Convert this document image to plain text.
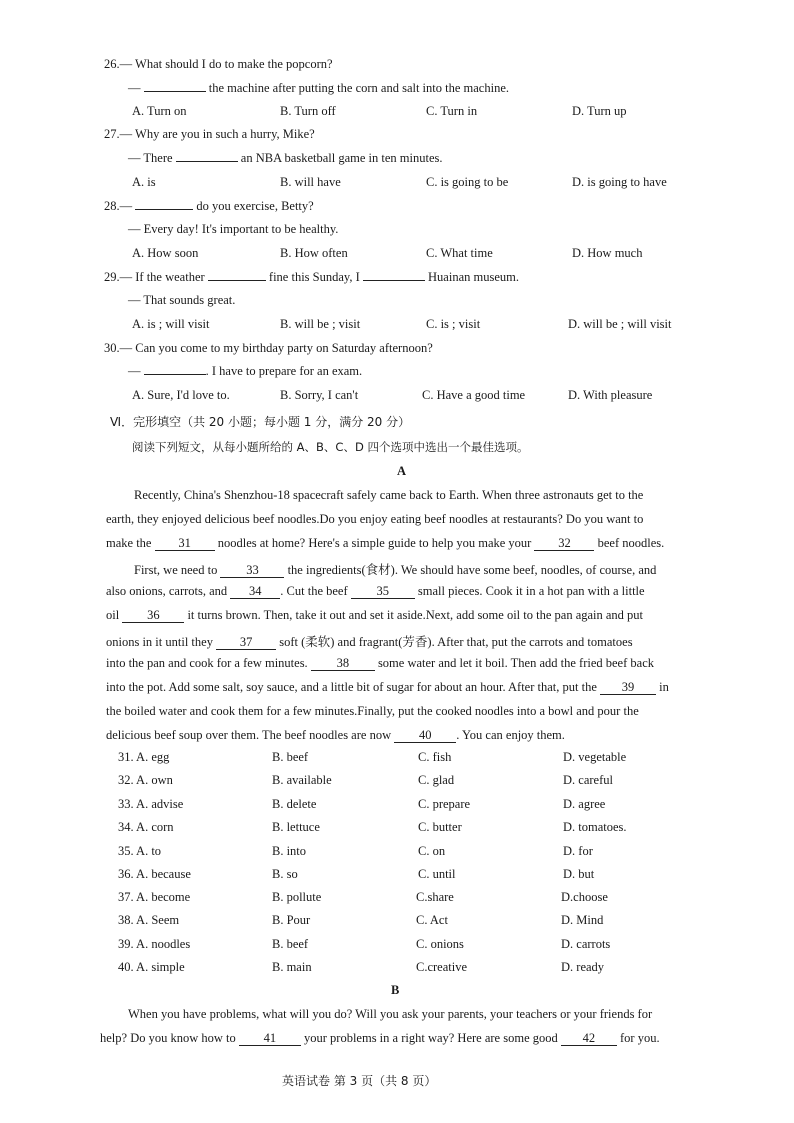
26.— What should I do to make the popcorn?
—	the machine after putting the corn and salt into the machine.
A. Turn on	B. Turn off	C. Turn in	D. Turn up
27.— Why are you in such a hurry, Mike?
— There	an NBA basketball game in ten minutes.
A. is	B. will have	C. is going to be	D. is going to have
28.—	do you exercise, Betty?
— Every day! It's important to be healthy.
A. How soon	B. How often	C. What time	D. How much
29.— If the weather	fine this Sunday, I	Huainan museum.
— That sounds great.
A. is ; will visit	B. will be ; visit	C. is ; visit	D. will be ; will visit
30.— Can you come to my birthday party on Saturday afternoon?
—	. I have to prepare for an exam.
A. Sure, I'd love to.	B. Sorry, I can't	C. Have a good time	D. With pleasure
Ⅵ．完形填空（共 20 小题；每小题 1 分，满分 20 分）
阅读下列短文，从每小题所给的 A、B、C、D 四个选项中选出一个最佳选项。
A
Recently, China's Shenzhou-18 spacecraft safely came back to Earth. When three astronauts get to the
earth, they enjoyed delicious beef noodles.Do you enjoy eating beef noodles at restaurants? Do you want to
make the 31 noodles at home? Here's a simple guide to help you make your 32 beef noodles.
First, we need to 33 the ingredients(食材). We should have some beef, noodles, of course, and
also onions, carrots, and 34 . Cut the beef 35 small pieces. Cook it in a hot pan with a little
oil 36 it turns brown. Then, take it out and set it aside.Next, add some oil to the pan again and put
onions in it until they 37 soft (柔软) and fragrant(芳香). After that, put the carrots and tomatoes
into the pan and cook for a few minutes. 38 some water and let it boil. Then add the fried beef back
into the pot. Add some salt, soy sauce, and a little bit of sugar for about an hour. After that, put the 39 in
the boiled water and cook them for a few minutes.Finally, put the cooked noodles into a bowl and pour the
delicious beef soup over them. The beef noodles are now 40 . You can enjoy them.
31. A. egg	B. beef	C. fish	D. vegetable
32. A. own	B. available	C. glad	D. careful
33. A. advise	B. delete	C. prepare	D. agree
34. A. corn	B. lettuce	C. butter	D. tomatoes.
35. A. to	B. into	C. on	D. for
36. A. because	B. so	C. until	D. but
37. A. become	B. pollute	C.share	D.choose
38. A. Seem	B. Pour	C. Act	D. Mind
39. A. noodles	B. beef	C. onions	D. carrots
40. A. simple	B. main	C.creative	D. ready
B
When you have problems, what will you do? Will you ask your parents, your teachers or your friends for
help? Do you know how to 41 your problems in a right way? Here are some good 42 for you.
英语试卷 第 3 页（共 8 页）
